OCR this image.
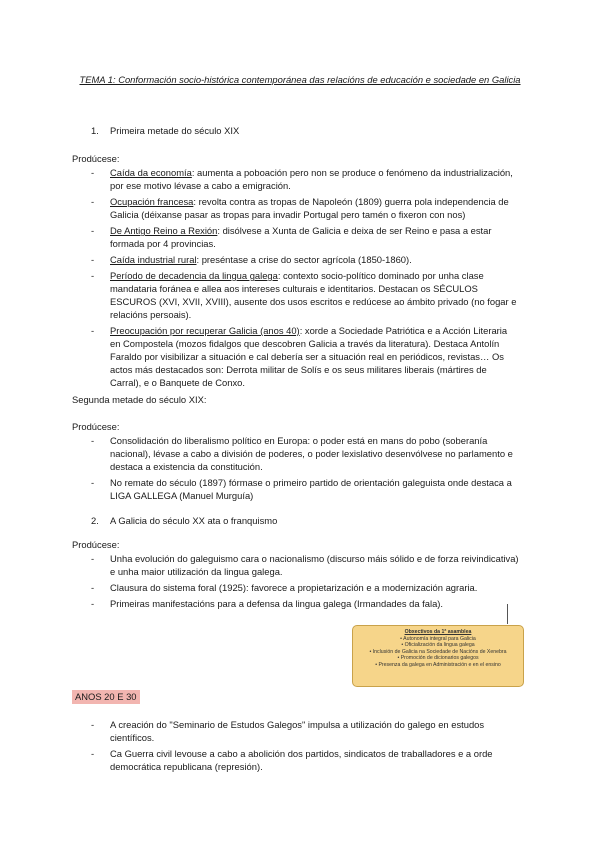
TEMA 1: Conformación socio-histórica contemporánea das relacións de educación e sociedade en Galicia
1. Primeira metade do século XIX
Prodúcese:
- Caída da economía: aumenta a poboación pero non se produce o fenómeno da industrialización, por ese motivo lévase a cabo a emigración.
- Ocupación francesa: revolta contra as tropas de Napoleón (1809) guerra pola independencia de Galicia (déixanse pasar as tropas para invadir Portugal pero tamén o fixeron con nos)
- De Antigo Reino a Rexión: disólvese a Xunta de Galicia e deixa de ser Reino e pasa a estar formada por 4 provincias.
- Caída industrial rural: preséntase a crise do sector agrícola (1850-1860).
- Período de decadencia da lingua galega: contexto socio-político dominado por unha clase mandataria foránea e allea aos intereses culturais e identitarios. Destacan os SÉCULOS ESCUROS (XVI, XVII, XVIII), ausente dos usos escritos e redúcese ao ámbito privado (no fogar e relacións persoais).
- Preocupación por recuperar Galicia (anos 40): xorde a Sociedade Patriótica e a Acción Literaria en Compostela (mozos fidalgos que descobren Galicia a través da literatura). Destaca Antolín Faraldo por visibilizar a situación e cal debería ser a situación real en periódicos, revistas… Os actos más destacados son: Derrota militar de Solís e os seus militares liberais (mártires de Carral), e o Banquete de Conxo.
Segunda metade do século XIX:
Prodúcese:
- Consolidación do liberalismo político en Europa: o poder está en mans do pobo (soberanía nacional), lévase a cabo a división de poderes, o poder lexislativo desenvólvese no parlamento e destaca a existencia da constitución.
- No remate do século (1897) fórmase o primeiro partido de orientación galeguista onde destaca a LIGA GALLEGA (Manuel Murguía)
2. A Galicia do século XX ata o franquismo
Prodúcese:
- Unha evolución do galeguismo cara o nacionalismo (discurso máis sólido e de forza reivindicativa) e unha maior utilización da lingua galega.
- Clausura do sistema foral (1925): favorece a propietarización e a modernización agraria.
- Primeiras manifestacións para a defensa da lingua galega (Irmandades da fala).
Obxectivos da 1ª asamblea
• Autonomía integral para Galicia
• Oficialización da lingua galega
• Inclusión de Galicia na Sociedade de Nacións de Xenebra
• Promoción de dicionarios galegos
• Presenza da galega en Administración e en el ensino
ANOS 20 E 30
- A creación do "Seminario de Estudos Galegos" impulsa a utilización do galego en estudos científicos.
- Ca Guerra civil levouse a cabo a abolición dos partidos, sindicatos de traballadores e a orde democrática republicana (represión).
